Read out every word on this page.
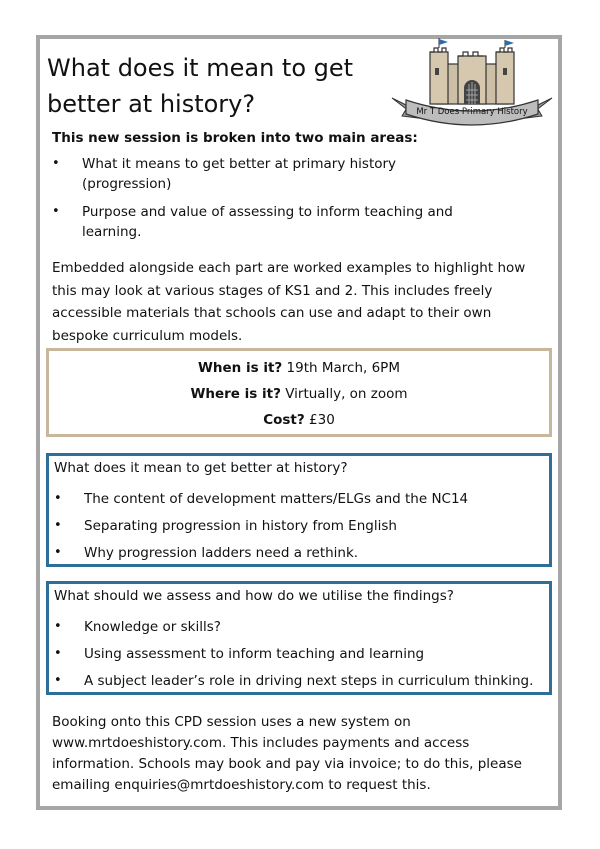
What does it mean to get better at history?	Mr T Does Primary History

This new session is broken into two main areas:

•	What it means to get better at primary history (progression)
•	Purpose and value of assessing to inform teaching and learning.

Embedded alongside each part are worked examples to highlight how this may look at various stages of KS1 and 2. This includes freely accessible materials that schools can use and adapt to their own bespoke curriculum models.

When is it? 19th March, 6PM
Where is it? Virtually, on zoom
Cost? £30

What does it mean to get better at history?

•	The content of development matters/ELGs and the NC14
•	Separating progression in history from English
•	Why progression ladders need a rethink.

What should we assess and how do we utilise the findings?

•	Knowledge or skills?
•	Using assessment to inform teaching and learning
•	A subject leader’s role in driving next steps in curriculum thinking.

Booking onto this CPD session uses a new system on www.mrtdoeshistory.com. This includes payments and access information. Schools may book and pay via invoice; to do this, please emailing enquiries@mrtdoeshistory.com to request this.
